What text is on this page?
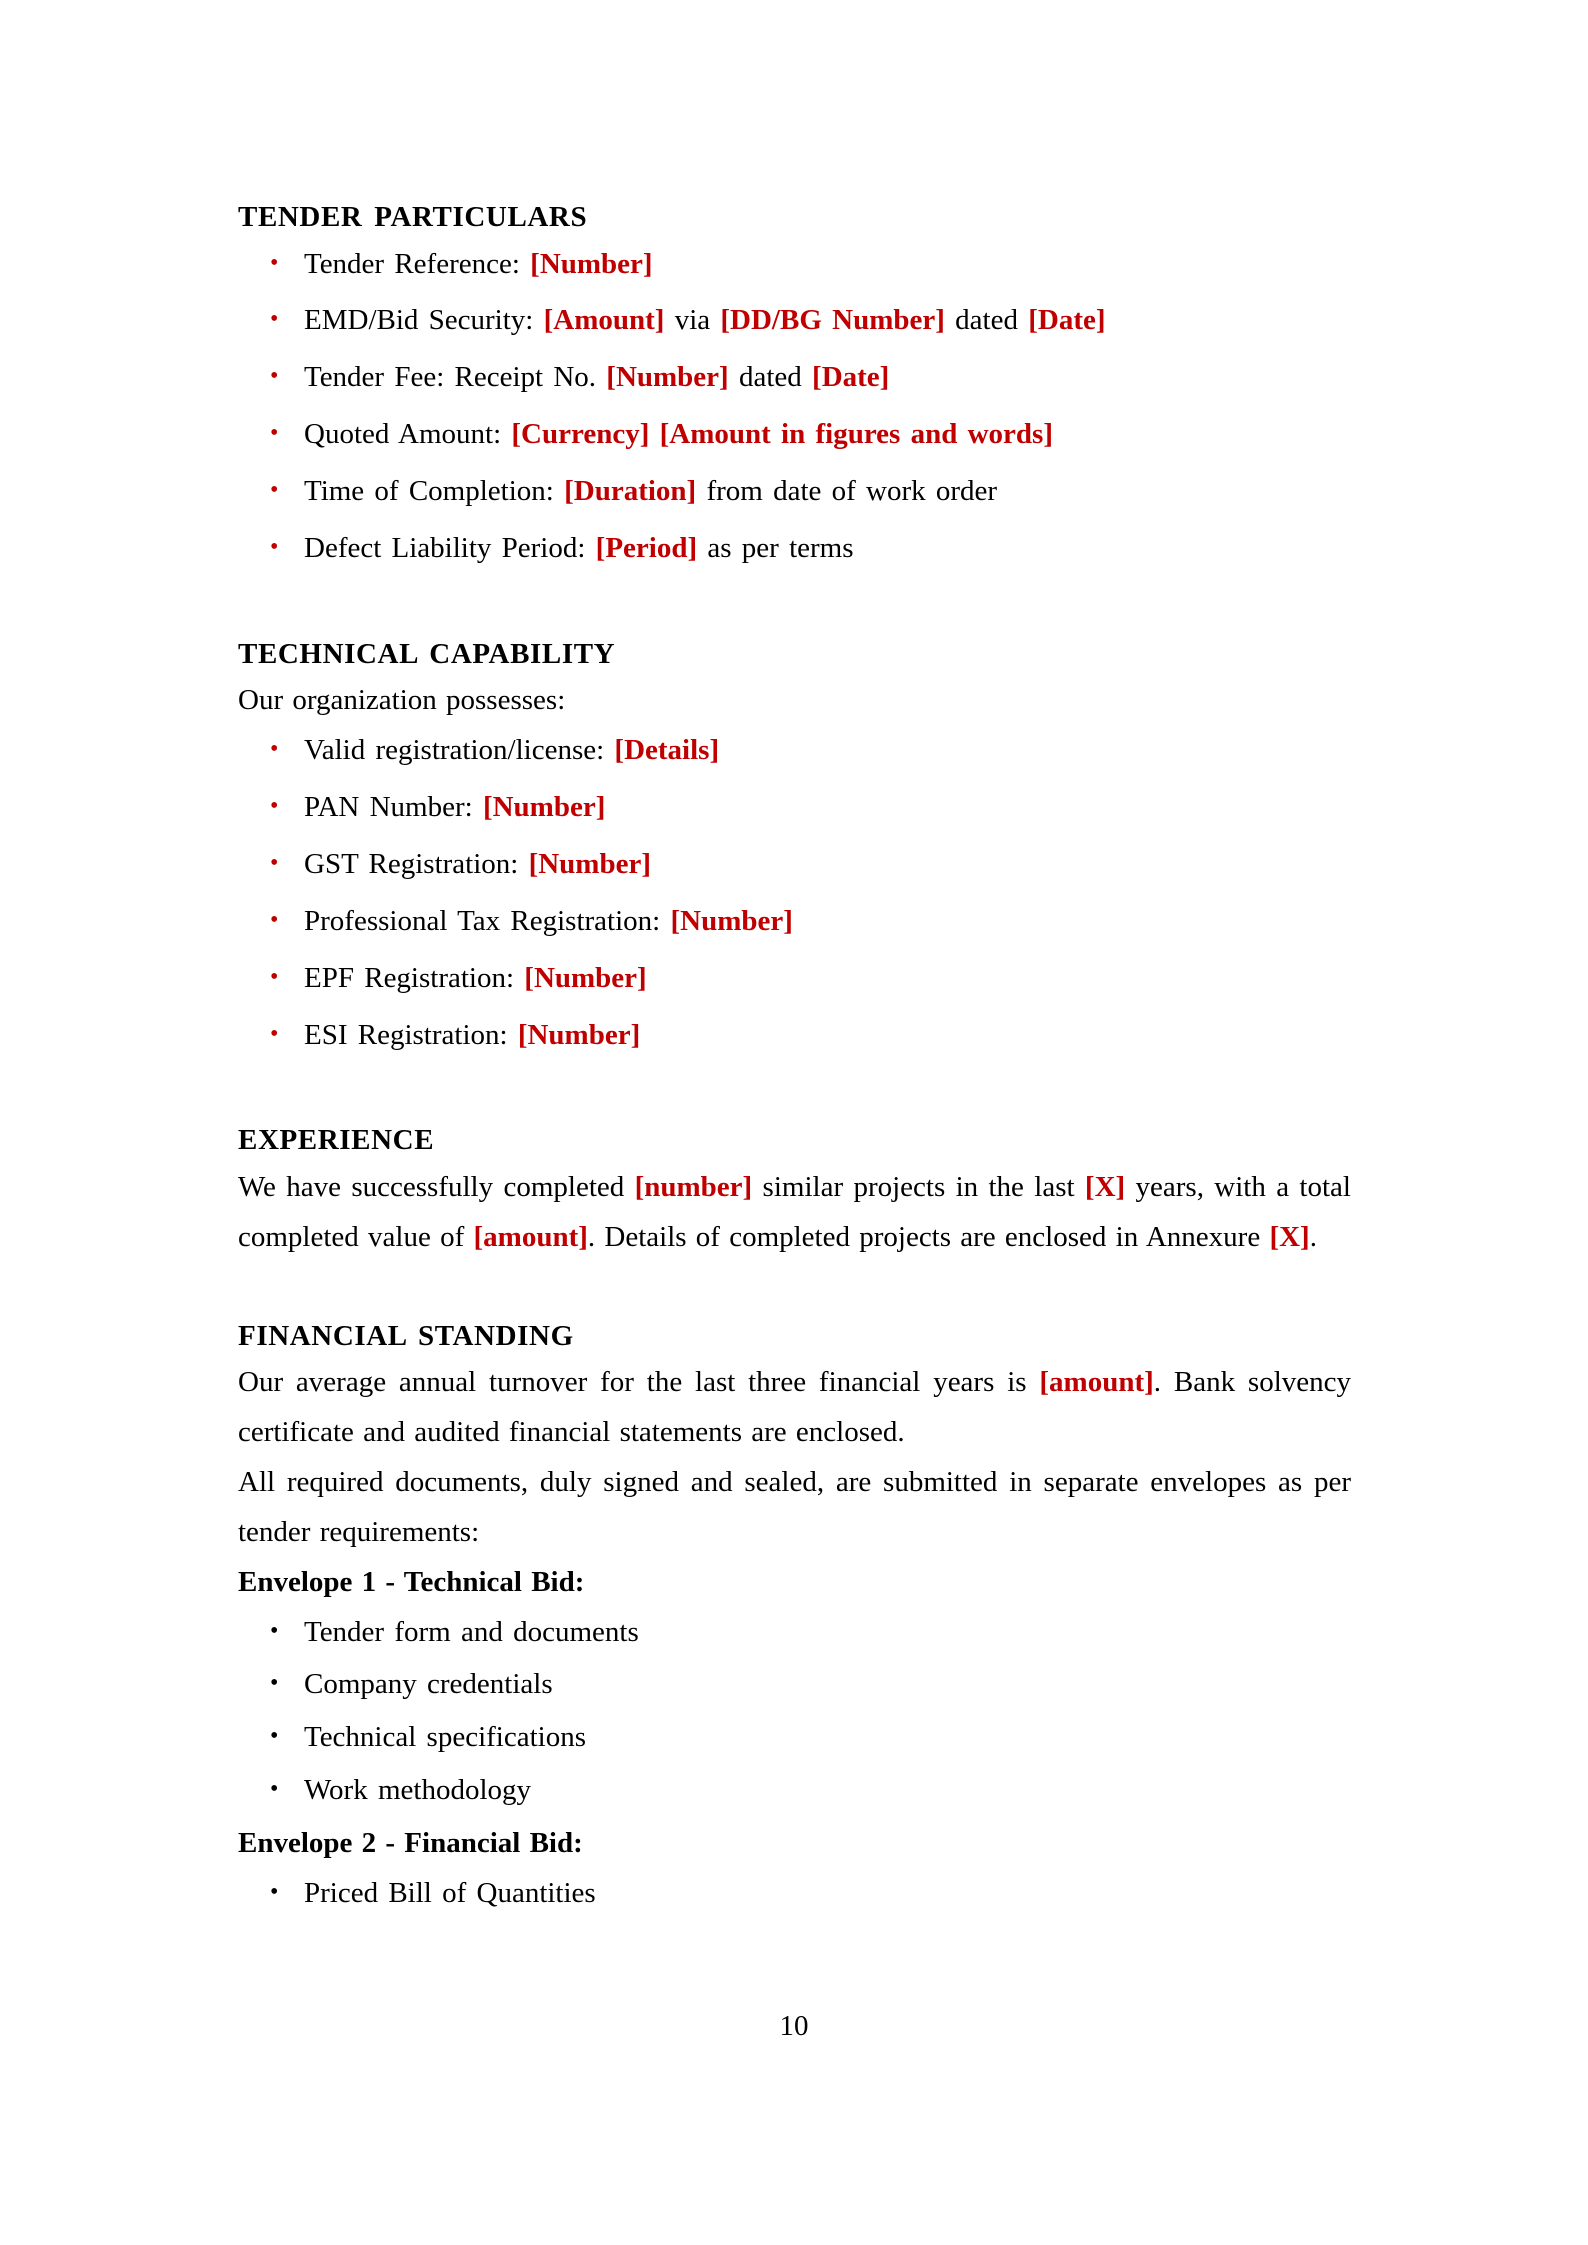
TENDER PARTICULARS
• Tender Reference: [Number]
• EMD/Bid Security: [Amount] via [DD/BG Number] dated [Date]
• Tender Fee: Receipt No. [Number] dated [Date]
• Quoted Amount: [Currency] [Amount in figures and words]
• Time of Completion: [Duration] from date of work order
• Defect Liability Period: [Period] as per terms
TECHNICAL CAPABILITY

Our organization possesses:

• Valid registration/license: [Details]
• PAN Number: [Number]
• GST Registration: [Number]
• Professional Tax Registration: [Number]
• EPF Registration: [Number]
• ESI Registration: [Number]
EXPERIENCE

We have successfully completed [number] similar projects in the last [X] years, with a total completed value of [amount]. Details of completed projects are enclosed in Annexure [X].

FINANCIAL STANDING

Our average annual turnover for the last three financial years is [amount]. Bank solvency certificate and audited financial statements are enclosed.

All required documents, duly signed and sealed, are submitted in separate envelopes as per tender requirements:

Envelope 1 - Technical Bid:

• Tender form and documents
• Company credentials
• Technical specifications
• Work methodology

Envelope 2 - Financial Bid:

• Priced Bill of Quantities
10
